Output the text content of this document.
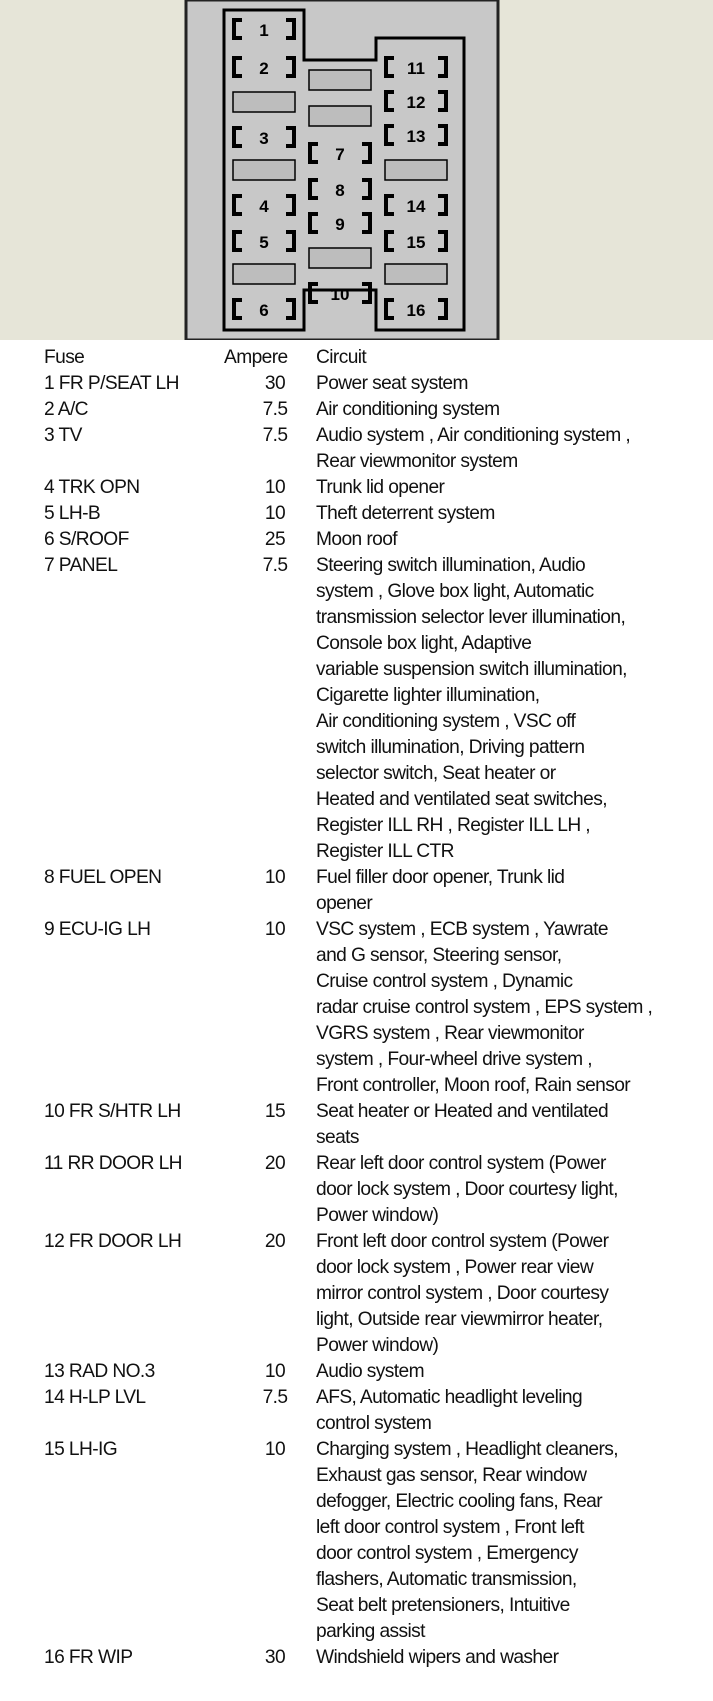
1
2
3
4
5
6
7
8
9
10
11
12
13
14
15
16
Fuse	Ampere	Circuit
1 FR P/SEAT LH	30	Power seat system
2 A/C	7.5	Air conditioning system
3 TV	7.5	Audio system , Air conditioning system ,
Rear viewmonitor system
4 TRK OPN	10	Trunk lid opener
5 LH-B	10	Theft deterrent system
6 S/ROOF	25	Moon roof
7 PANEL	7.5	Steering switch illumination, Audio
system , Glove box light, Automatic
transmission selector lever illumination,
Console box light, Adaptive
variable suspension switch illumination,
Cigarette lighter illumination,
Air conditioning system , VSC off
switch illumination, Driving pattern
selector switch, Seat heater or
Heated and ventilated seat switches,
Register ILL RH , Register ILL LH ,
Register ILL CTR
8 FUEL OPEN	10	Fuel filler door opener, Trunk lid
opener
9 ECU-IG LH	10	VSC system , ECB system , Yawrate
and G sensor, Steering sensor,
Cruise control system , Dynamic
radar cruise control system , EPS system ,
VGRS system , Rear viewmonitor
system , Four-wheel drive system ,
Front controller, Moon roof, Rain sensor
10 FR S/HTR LH	15	Seat heater or Heated and ventilated
seats
11 RR DOOR LH	20	Rear left door control system (Power
door lock system , Door courtesy light,
Power window)
12 FR DOOR LH	20	Front left door control system (Power
door lock system , Power rear view
mirror control system , Door courtesy
light, Outside rear viewmirror heater,
Power window)
13 RAD NO.3	10	Audio system
14 H-LP LVL	7.5	AFS, Automatic headlight leveling
control system
15 LH-IG	10	Charging system , Headlight cleaners,
Exhaust gas sensor, Rear window
defogger, Electric cooling fans, Rear
left door control system , Front left
door control system , Emergency
flashers, Automatic transmission,
Seat belt pretensioners, Intuitive
parking assist
16 FR WIP	30	Windshield wipers and washer
